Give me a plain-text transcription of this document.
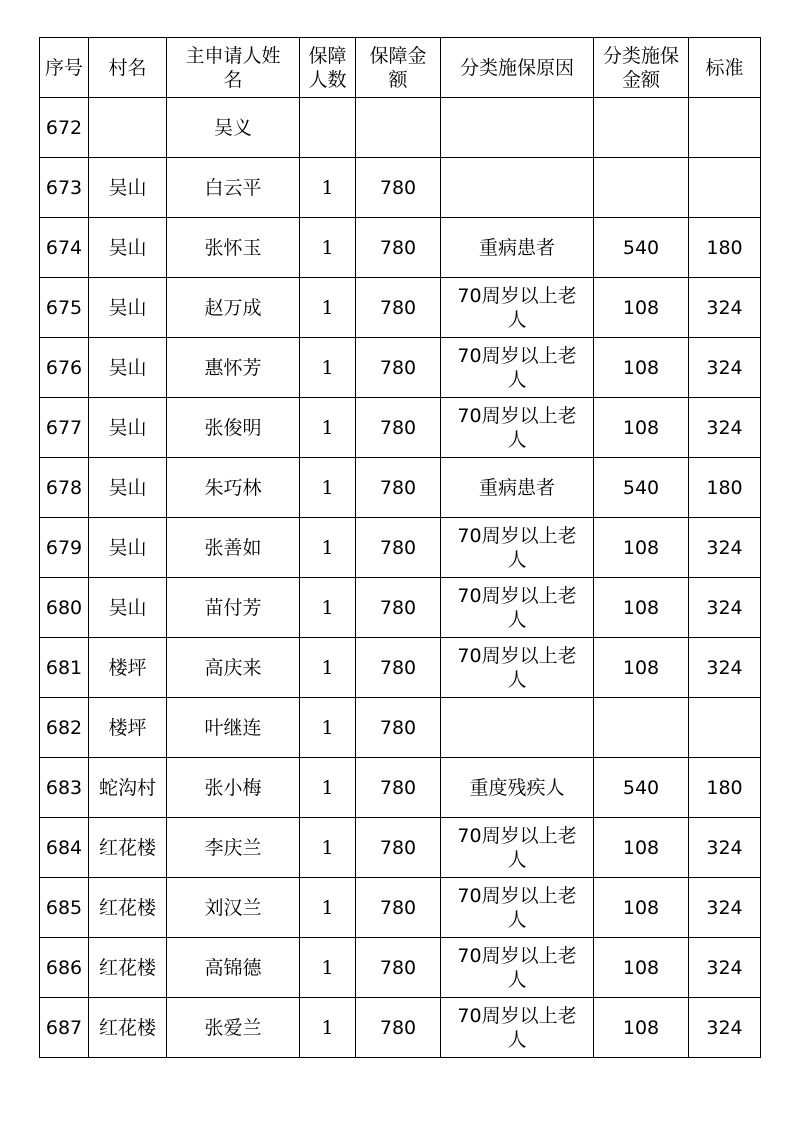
序号	村名	主申请人姓名	保障人数	保障金额	分类施保原因	分类施保金额	标准
672		吴义					
673	吴山	白云平	1	780			
674	吴山	张怀玉	1	780	重病患者	540	180
675	吴山	赵万成	1	780	70周岁以上老人	108	324
676	吴山	惠怀芳	1	780	70周岁以上老人	108	324
677	吴山	张俊明	1	780	70周岁以上老人	108	324
678	吴山	朱巧林	1	780	重病患者	540	180
679	吴山	张善如	1	780	70周岁以上老人	108	324
680	吴山	苗付芳	1	780	70周岁以上老人	108	324
681	楼坪	高庆来	1	780	70周岁以上老人	108	324
682	楼坪	叶继连	1	780			
683	蛇沟村	张小梅	1	780	重度残疾人	540	180
684	红花楼	李庆兰	1	780	70周岁以上老人	108	324
685	红花楼	刘汉兰	1	780	70周岁以上老人	108	324
686	红花楼	高锦德	1	780	70周岁以上老人	108	324
687	红花楼	张爱兰	1	780	70周岁以上老人	108	324
